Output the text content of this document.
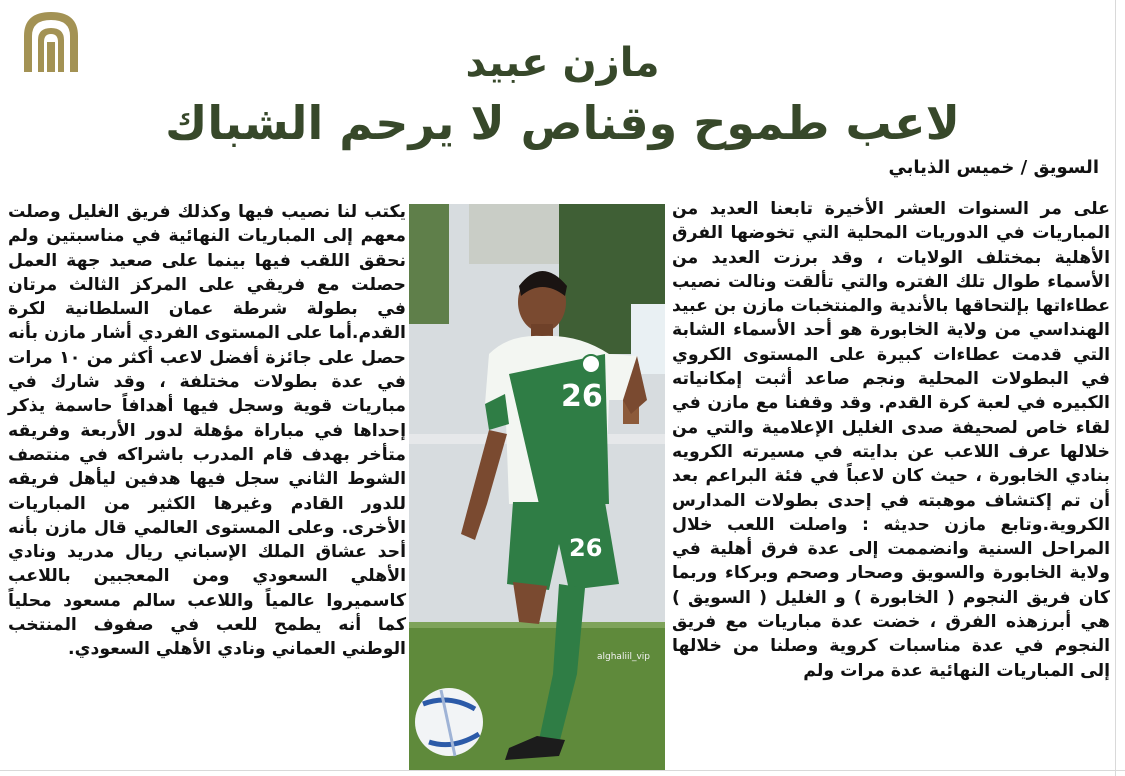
مازن عبيد
لاعب طموح وقناص لا يرحم الشباك
السويق / خميس الذيابي

على مر السنوات العشر الأخيرة تابعنا العديد من المباريات في الدوريات المحلية التي تخوضها الفرق الأهلية بمختلف الولايات ، وقد برزت العديد من الأسماء طوال تلك الفتره والتي تألقت ونالت نصيب عطاءاتها بإلتحاقها بالأندية والمنتخبات مازن بن عبيد الهنداسي من ولاية الخابورة هو أحد الأسماء الشابة التي قدمت عطاءات كبيرة على المستوى الكروي في البطولات المحلية ونجم صاعد أثبت إمكانياته الكبيره في لعبة كرة القدم. وقد وقفنا مع مازن في لقاء خاص لصحيفة صدى الغليل الإعلامية والتي من خلالها عرف اللاعب عن بدايته في مسيرته الكرويه بنادي الخابورة ، حيث كان لاعباً في فئة البراعم بعد أن تم إكتشاف موهبته في إحدى بطولات المدارس الكروية.وتابع مازن حديثه : واصلت اللعب خلال المراحل السنية وانضممت إلى عدة فرق أهلية في ولاية الخابورة والسويق وصحار وصحم وبركاء وربما كان فريق النجوم ( الخابورة ) و الغليل ( السويق ) هي أبرزهذه الفرق ، خضت عدة مباريات مع فريق النجوم في عدة مناسبات كروية وصلنا من خلالها إلى المباريات النهائية عدة مرات ولم

26
26
alghaliil_vip

يكتب لنا نصيب فيها وكذلك فريق الغليل وصلت معهم إلى المباريات النهائية في مناسبتين ولم نحقق اللقب فيها بينما على صعيد جهة العمل حصلت مع فريقي على المركز الثالث مرتان في بطولة شرطة عمان السلطانية لكرة القدم.أما على المستوى الفردي أشار مازن بأنه حصل على جائزة أفضل لاعب أكثر من ١٠ مرات في عدة بطولات مختلفة ، وقد شارك في مباريات قوية وسجل فيها أهدافاً حاسمة يذكر إحداها في مباراة مؤهلة لدور الأربعة وفريقه متأخر بهدف قام المدرب باشراكه في منتصف الشوط الثاني سجل فيها هدفين ليأهل فريقه للدور القادم وغيرها الكثير من المباريات الأخرى. وعلى المستوى العالمي قال مازن بأنه أحد عشاق الملك الإسباني ريال مدريد ونادي الأهلي السعودي ومن المعجبين باللاعب كاسميروا عالمياً واللاعب سالم مسعود محلياً كما أنه يطمح للعب في صفوف المنتخب الوطني العماني ونادي الأهلي السعودي.
